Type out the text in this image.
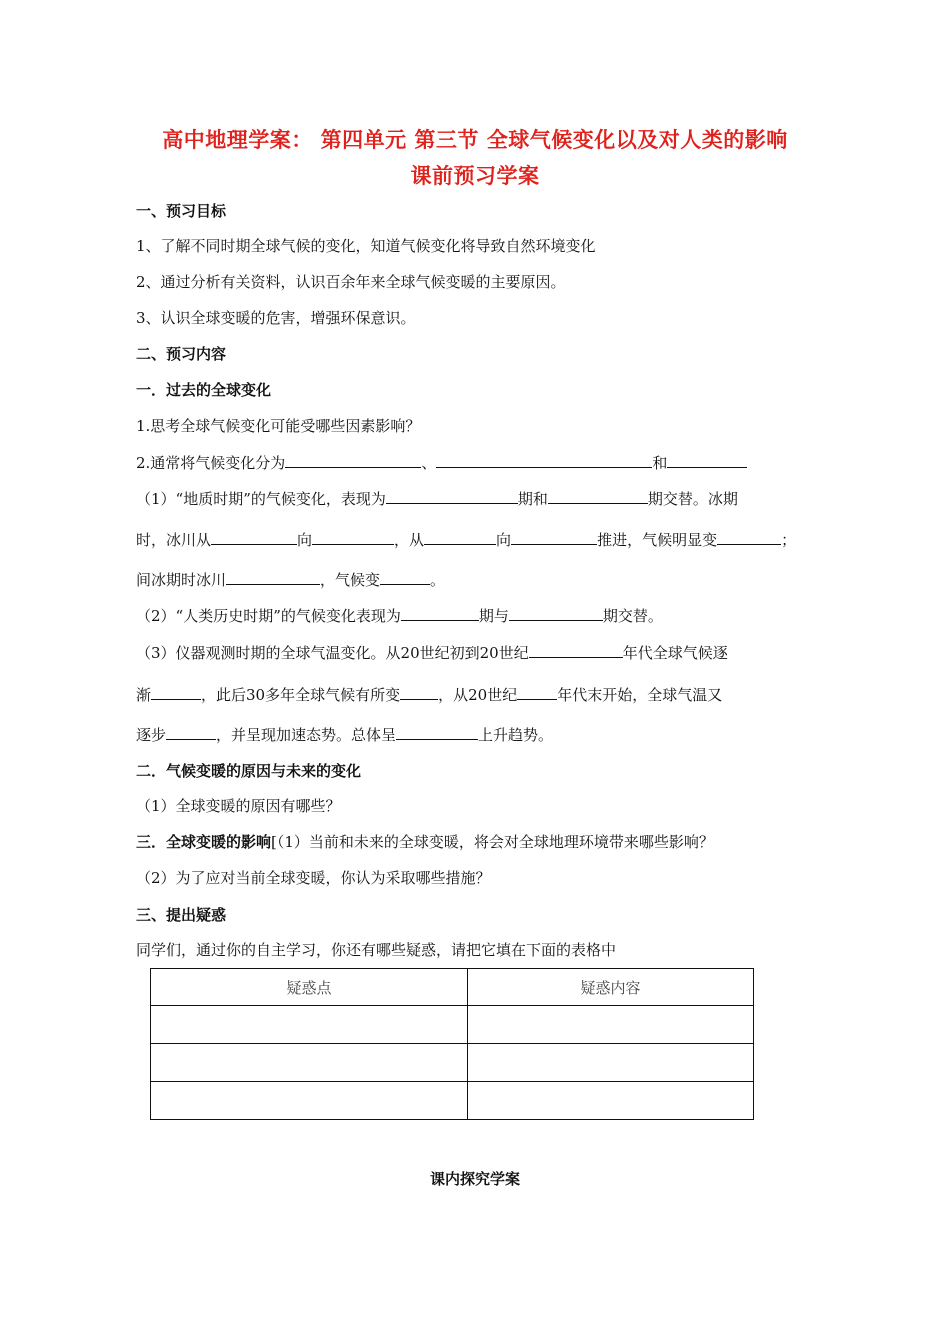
高中地理学案： 第四单元 第三节 全球气候变化以及对人类的影响
课前预习学案
一、预习目标
1、了解不同时期全球气候的变化，知道气候变化将导致自然环境变化
2、通过分析有关资料，认识百余年来全球气候变暖的主要原因。
3、认识全球变暖的危害，增强环保意识。
二、预习内容
一．过去的全球变化
1.思考全球气候变化可能受哪些因素影响？
2.通常将气候变化分为	、	和
（1）“地质时期”的气候变化，表现为	期和	期交替。冰期
时，冰川从	向	，从	向	推进，气候明显变	；
间冰期时冰川	，气候变	。
（2）“人类历史时期”的气候变化表现为	期与	期交替。
（3）仪器观测时期的全球气温变化。从20世纪初到20世纪	年代全球气候逐
渐	，此后30多年全球气候有所变	，从20世纪	年代末开始，全球气温又
逐步	，并呈现加速态势。总体呈	上升趋势。
二．气候变暖的原因与未来的变化
（1）全球变暖的原因有哪些？
三．全球变暖的影响[（1）当前和未来的全球变暖，将会对全球地理环境带来哪些影响？
（2）为了应对当前全球变暖，你认为采取哪些措施？
三、提出疑惑
同学们，通过你的自主学习，你还有哪些疑惑，请把它填在下面的表格中
疑惑点	疑惑内容

课内探究学案
